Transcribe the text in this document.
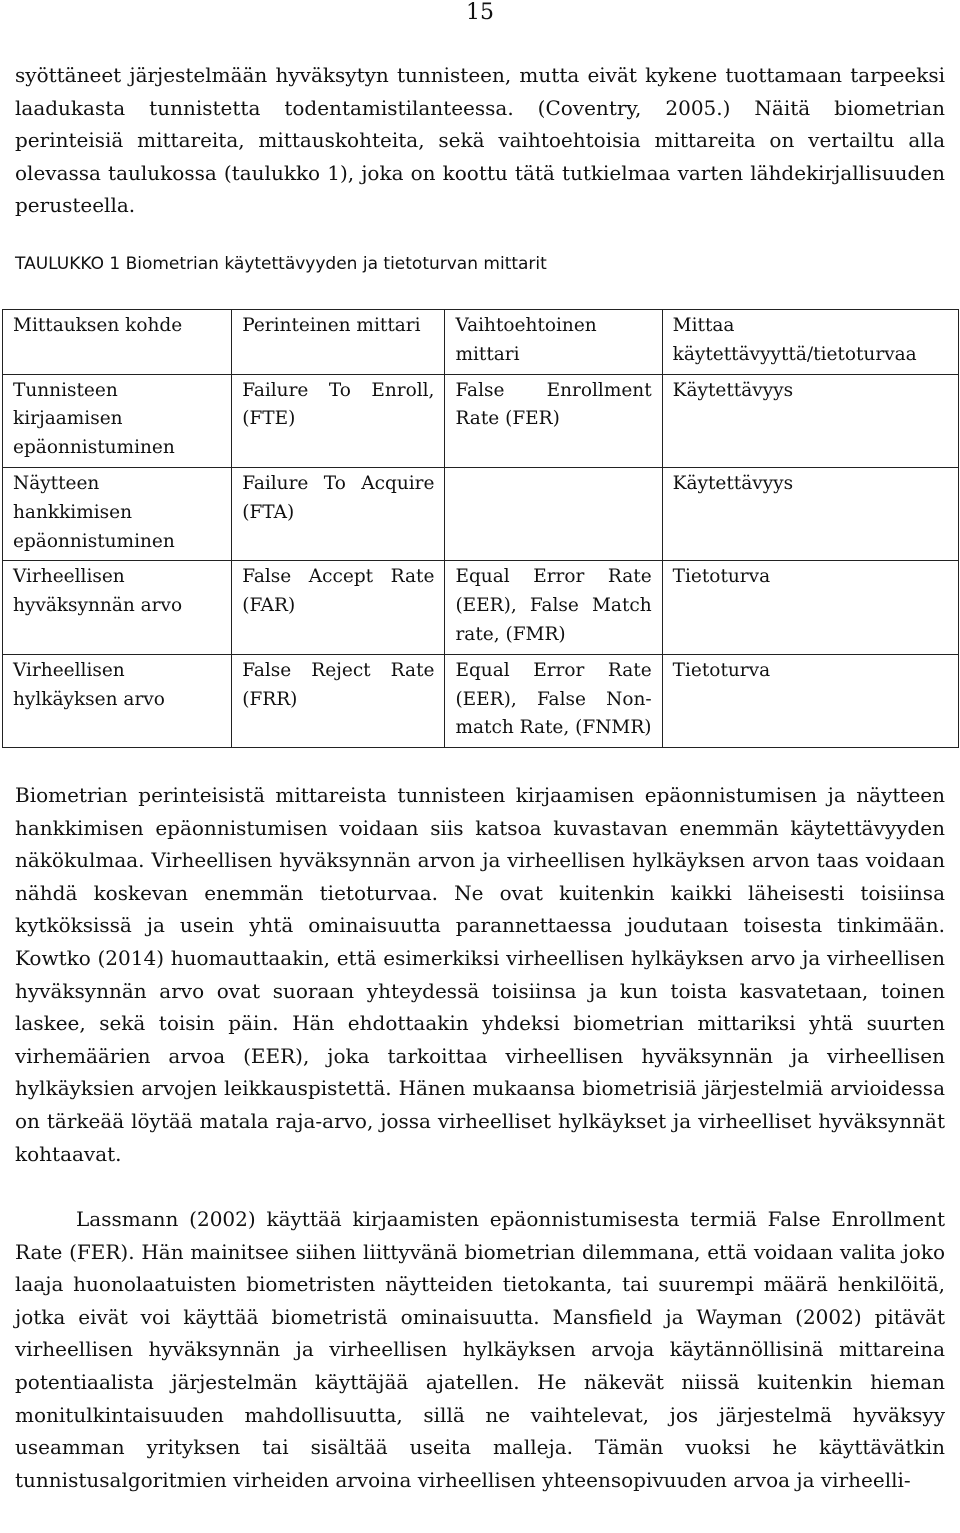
15

syöttäneet järjestelmään hyväksytyn tunnisteen, mutta eivät kykene tuottamaan tarpeeksi laadukasta tunnistetta todentamistilanteessa. (Coventry, 2005.) Näitä biometrian perinteisiä mittareita, mittauskohteita, sekä vaihtoehtoisia mittareita on vertailtu alla olevassa taulukossa (taulukko 1), joka on koottu tätä tutkielmaa varten lähdekirjallisuuden perusteella.

TAULUKKO 1 Biometrian käytettävyyden ja tietoturvan mittarit

Mittauksen kohde	Perinteinen mittari	Vaihtoehtoinen mittari	Mittaa käytettävyyttä/tietoturvaa
Tunnisteen kirjaamisen epäonnistuminen	Failure To Enroll, (FTE)	False Enrollment Rate (FER)	Käytettävyys
Näytteen hankkimisen epäonnistuminen	Failure To Acquire (FTA)		Käytettävyys
Virheellisen hyväksynnän arvo	False Accept Rate (FAR)	Equal Error Rate (EER), False Match rate, (FMR)	Tietoturva
Virheellisen hylkäyksen arvo	False Reject Rate (FRR)	Equal Error Rate (EER), False Non-match Rate, (FNMR)	Tietoturva

Biometrian perinteisistä mittareista tunnisteen kirjaamisen epäonnistumisen ja näytteen hankkimisen epäonnistumisen voidaan siis katsoa kuvastavan enemmän käytettävyyden näkökulmaa. Virheellisen hyväksynnän arvon ja virheellisen hylkäyksen arvon taas voidaan nähdä koskevan enemmän tietoturvaa. Ne ovat kuitenkin kaikki läheisesti toisiinsa kytköksissä ja usein yhtä ominaisuutta parannettaessa joudutaan toisesta tinkimään. Kowtko (2014) huomauttaakin, että esimerkiksi virheellisen hylkäyksen arvo ja virheellisen hyväksynnän arvo ovat suoraan yhteydessä toisiinsa ja kun toista kasvatetaan, toinen laskee, sekä toisin päin. Hän ehdottaakin yhdeksi biometrian mittariksi yhtä suurten virhemäärien arvoa (EER), joka tarkoittaa virheellisen hyväksynnän ja virheellisen hylkäyksien arvojen leikkauspistettä. Hänen mukaansa biometrisiä järjestelmiä arvioidessa on tärkeää löytää matala raja-arvo, jossa virheelliset hylkäykset ja virheelliset hyväksynnät kohtaavat.

Lassmann (2002) käyttää kirjaamisten epäonnistumisesta termiä False Enrollment Rate (FER). Hän mainitsee siihen liittyvänä biometrian dilemmana, että voidaan valita joko laaja huonolaatuisten biometristen näytteiden tietokanta, tai suurempi määrä henkilöitä, jotka eivät voi käyttää biometristä ominaisuutta. Mansfield ja Wayman (2002) pitävät virheellisen hyväksynnän ja virheellisen hylkäyksen arvoja käytännöllisinä mittareina potentiaalista järjestelmän käyttäjää ajatellen. He näkevät niissä kuitenkin hieman monitulkintaisuuden mahdollisuutta, sillä ne vaihtelevat, jos järjestelmä hyväksyy useamman yrityksen tai sisältää useita malleja. Tämän vuoksi he käyttävätkin tunnistusalgoritmien virheiden arvoina virheellisen yhteensopivuuden arvoa ja virheelli-
